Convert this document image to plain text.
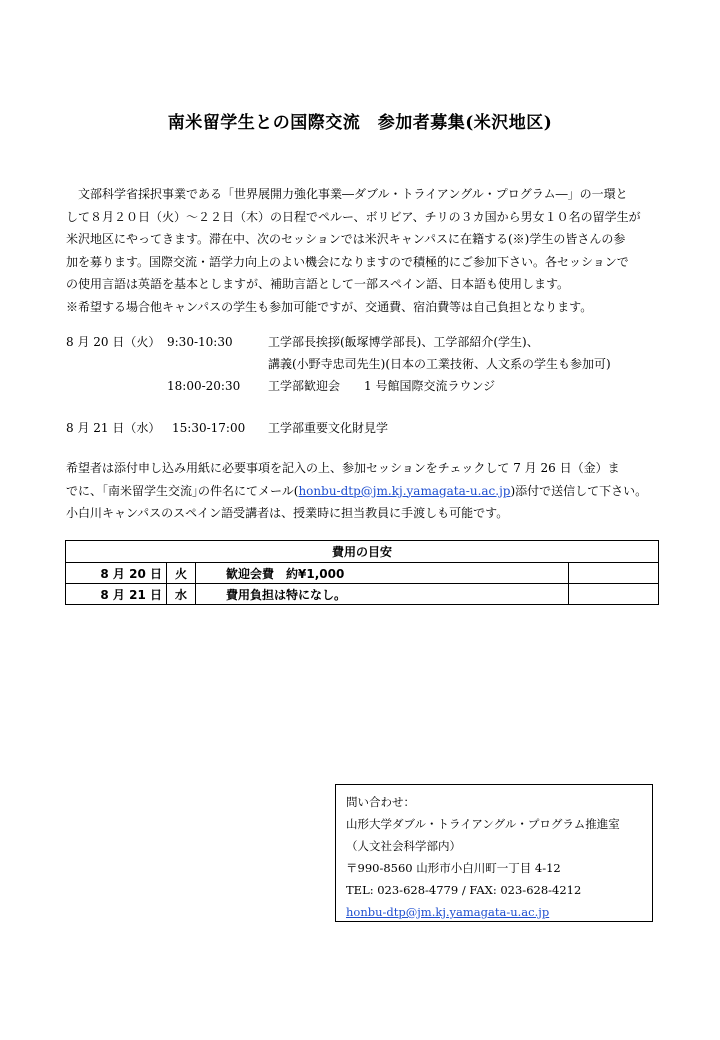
南米留学生との国際交流　参加者募集(米沢地区)

　文部科学省採択事業である「世界展開力強化事業―ダブル・トライアングル・プログラム―」の一環と

して８月２０日（火）～２２日（木）の日程でペルー、ボリビア、チリの３カ国から男女１０名の留学生が

米沢地区にやってきます。滞在中、次のセッションでは米沢キャンパスに在籍する(※)学生の皆さんの参

加を募ります。国際交流・語学力向上のよい機会になりますので積極的にご参加下さい。各セッションで

の使用言語は英語を基本としますが、補助言語として一部スペイン語、日本語も使用します。

※希望する場合他キャンパスの学生も参加可能ですが、交通費、宿泊費等は自己負担となります。

8 月 20 日（火） 9:30-10:30	工学部長挨拶(飯塚博学部長)、工学部紹介(学生)、
講義(小野寺忠司先生)(日本の工業技術、人文系の学生も参加可)
18:00-20:30 工学部歓迎会　　1 号館国際交流ラウンジ
8 月 21 日（水） 15:30-17:00 工学部重要文化財見学

希望者は添付申し込み用紙に必要事項を記入の上、参加セッションをチェックして 7 月 26 日（金）ま

でに、｢南米留学生交流｣の件名にてメール(honbu-dtp@jm.kj.yamagata-u.ac.jp)添付で送信して下さい。

小白川キャンパスのスペイン語受講者は、授業時に担当教員に手渡しも可能です。

費用の目安			
8 月 20 日	火	歓迎会費　約¥1,000	
8 月 21 日	水	費用負担は特になし。	
問い合わせ：
山形大学ダブル・トライアングル・プログラム推進室
（人文社会科学部内）
〒990-8560 山形市小白川町一丁目 4-12
TEL: 023-628-4779 / FAX: 023-628-4212
honbu-dtp@jm.kj.yamagata-u.ac.jp
